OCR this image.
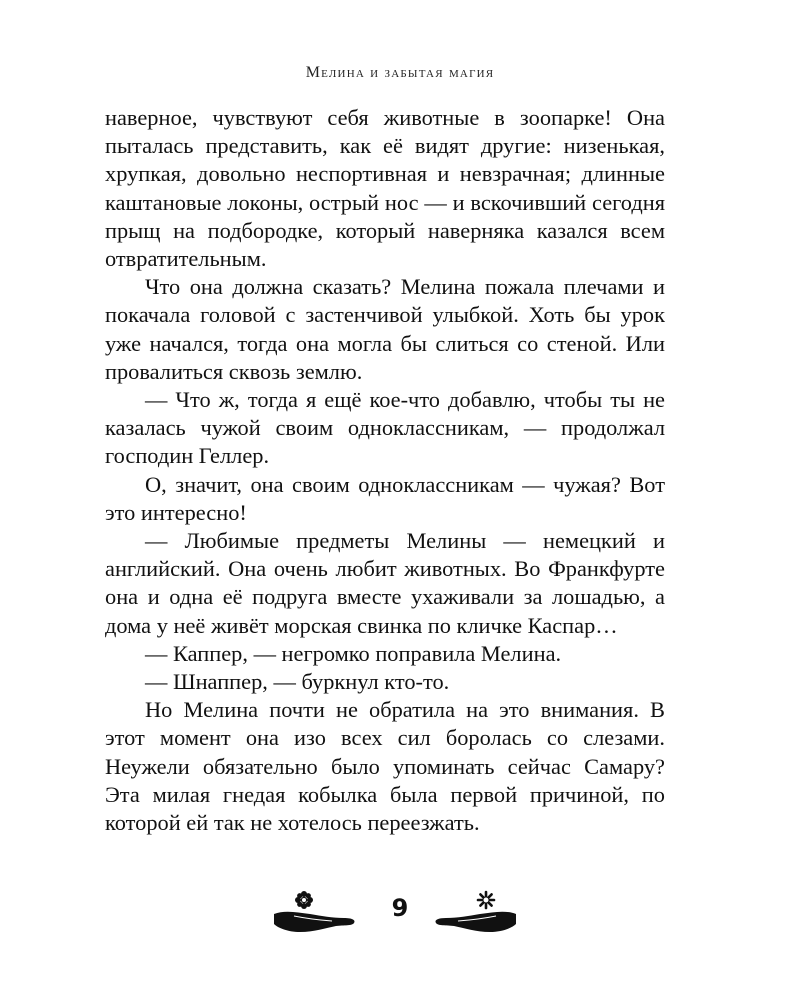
Мелина и забытая магия

наверное, чувствуют себя животные в зоопарке! Она пыталась представить, как её видят другие: низенькая, хрупкая, довольно неспортивная и невзрачная; длинные каштановые локоны, острый нос — и вскочивший сегодня прыщ на подбородке, который наверняка казался всем отвратительным.

Что она должна сказать? Мелина пожала плечами и покачала головой с застенчивой улыбкой. Хоть бы урок уже начался, тогда она могла бы слиться со стеной. Или провалиться сквозь землю.

— Что ж, тогда я ещё кое-что добавлю, чтобы ты не казалась чужой своим одноклассникам, — продолжал господин Геллер.

О, значит, она своим одноклассникам — чужая? Вот это интересно!

— Любимые предметы Мелины — немецкий и английский. Она очень любит животных. Во Франкфурте она и одна её подруга вместе ухаживали за лошадью, а дома у неё живёт морская свинка по кличке Каспар…

— Каппер, — негромко поправила Мелина.

— Шнаппер, — буркнул кто-то.

Но Мелина почти не обратила на это внимания. В этот момент она изо всех сил боролась со слезами. Неужели обязательно было упоминать сейчас Самару? Эта милая гнедая кобылка была первой причиной, по которой ей так не хотелось переезжать.

9
